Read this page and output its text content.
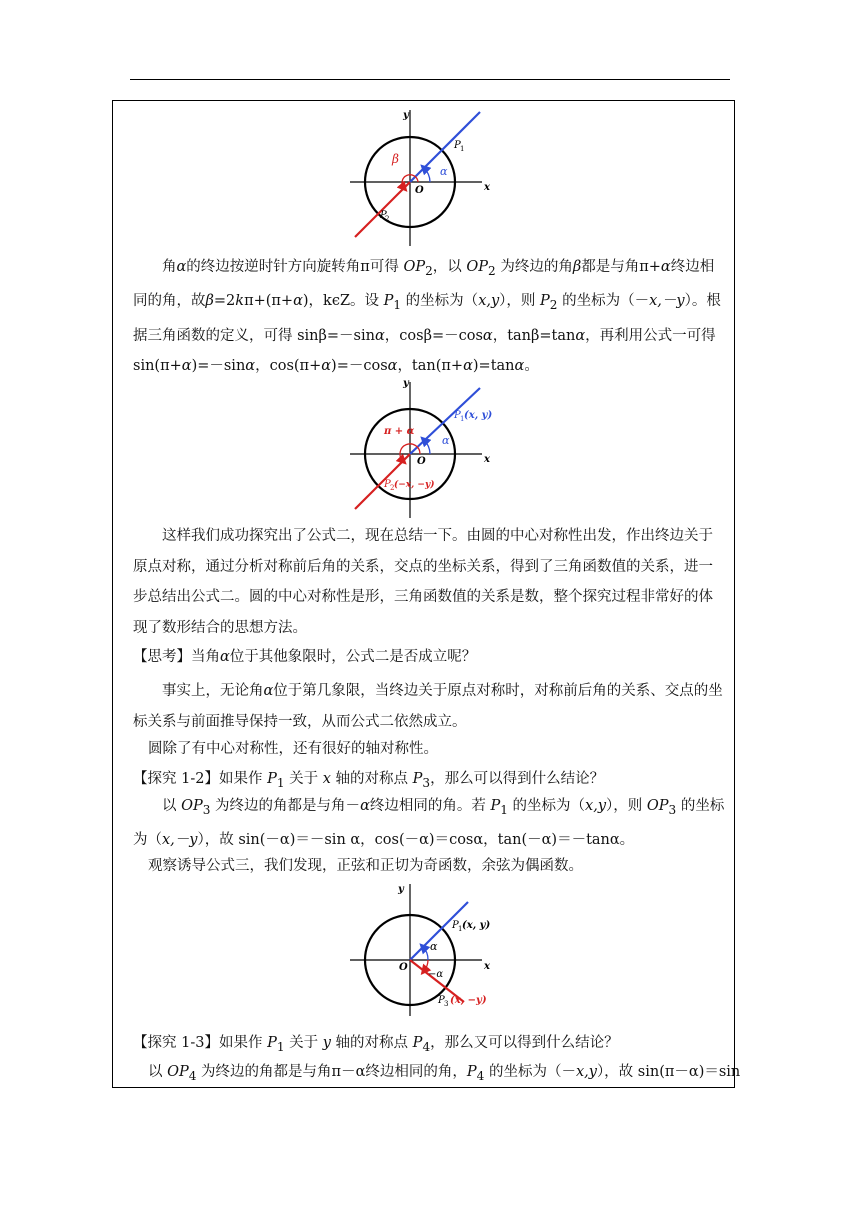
y
x
O
P 1
P
2
α
β
角α的终边按逆时针方向旋转角π可得 $OP_2$，以 $OP_2$ 为终边的角β都是与角π+α终边相同的角，故β=2kπ+(π+α)，kϵZ。设 $P_1$ 的坐标为（x,y），则 $P_2$ 的坐标为（－x,－y）。根据三角函数的定义，可得 sinβ=－sinα，cosβ=－cosα，tanβ=tanα，再利用公式一可得 sin(π+α)=－sinα，cos(π+α)=－cosα，tan(π+α)=tanα。
y
x
O
P 1 (x, y)
P 2 (−x, −y)
α
π + α
这样我们成功探究出了公式二，现在总结一下。由圆的中心对称性出发，作出终边关于原点对称，通过分析对称前后角的关系，交点的坐标关系，得到了三角函数值的关系，进一步总结出公式二。圆的中心对称性是形，三角函数值的关系是数，整个探究过程非常好的体现了数形结合的思想方法。
【思考】当角α位于其他象限时，公式二是否成立呢？
事实上，无论角α位于第几象限，当终边关于原点对称时，对称前后角的关系、交点的坐标关系与前面推导保持一致，从而公式二依然成立。
圆除了有中心对称性，还有很好的轴对称性。
【探究 1-2】如果作 $P_1$ 关于 x 轴的对称点 $P_3$，那么可以得到什么结论？
以 $OP_3$ 为终边的角都是与角－α终边相同的角。若 $P_1$ 的坐标为（x,y），则 $OP_3$ 的坐标为（x,－y），故 sin(－α)＝－sin α，cos(－α)＝cosα，tan(－α)＝－tanα。
观察诱导公式三，我们发现，正弦和正切为奇函数，余弦为偶函数。
y
x
O
P 1 (x, y)
P 3 (x, −y)
α
−α
【探究 1-3】如果作 $P_1$ 关于 y 轴的对称点 $P_4$，那么又可以得到什么结论？
以 $OP_4$ 为终边的角都是与角π－α终边相同的角，$P_4$ 的坐标为（－x,y），故 sin(π－α)＝sin
